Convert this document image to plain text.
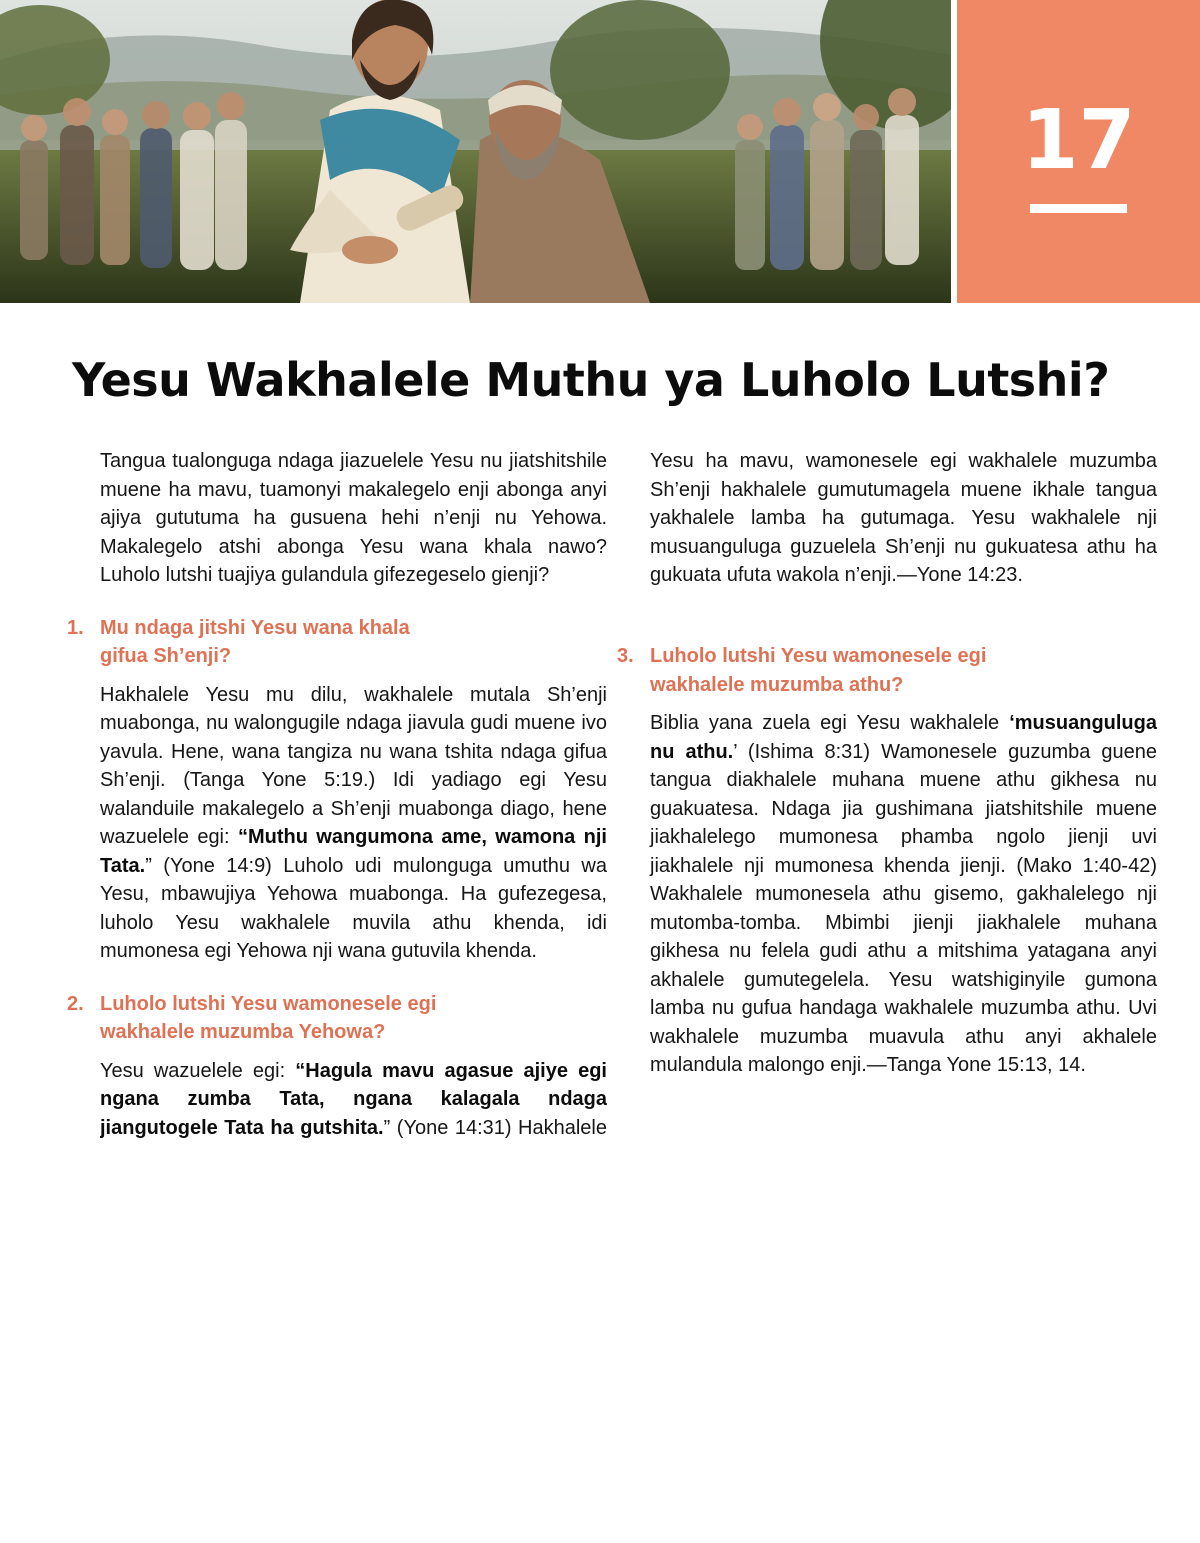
17
Yesu Wakhalele Muthu ya Luholo Lutshi?

Tangua tualonguga ndaga jiazuelele Yesu nu jiatshitshile muene ha mavu, tuamonyi makalegelo enji abonga anyi ajiya gututuma ha gusuena hehi n’enji nu Yehowa. Makalegelo atshi abonga Yesu wana khala nawo? Luholo lutshi tuajiya gulandula gifezegeselo gienji?

1. Mu ndaga jitshi Yesu wana khala gifua Sh’enji?

Hakhalele Yesu mu dilu, wakhalele mutala Sh’enji muabonga, nu walongugile ndaga jiavula gudi muene ivo yavula. Hene, wana tangiza nu wana tshita ndaga gifua Sh’enji. (Tanga Yone 5:19.) Idi yadiago egi Yesu walanduile makalegelo a Sh’enji muabonga diago, hene wazuelele egi: “Muthu wangumona ame, wamona nji Tata.” (Yone 14:9) Luholo udi mulonguga umuthu wa Yesu, mbawujiya Yehowa muabonga. Ha gufezegesa, luholo Yesu wakhalele muvila athu khenda, idi mumonesa egi Yehowa nji wana gutuvila khenda.

2. Luholo lutshi Yesu wamonesele egi wakhalele muzumba Yehowa?

Yesu wazuelele egi: “Hagula mavu agasue ajiye egi ngana zumba Tata, ngana kalagala ndaga jiangutogele Tata ha gutshita.” (Yone 14:31) Hakhalele

Yesu ha mavu, wamonesele egi wakhalele muzumba Sh’enji hakhalele gumutumagela muene ikhale tangua yakhalele lamba ha gutumaga. Yesu wakhalele nji musuanguluga guzuelela Sh’enji nu gukuatesa athu ha gukuata ufuta wakola n’enji.—Yone 14:23.

3. Luholo lutshi Yesu wamonesele egi wakhalele muzumba athu?

Biblia yana zuela egi Yesu wakhalele ‘musuanguluga nu athu.’ (Ishima 8:31) Wamonesele guzumba guene tangua diakhalele muhana muene athu gikhesa nu guakuatesa. Ndaga jia gushimana jiatshitshile muene jiakhalelego mumonesa phamba ngolo jienji uvi jiakhalele nji mumonesa khenda jienji. (Mako 1:40-42) Wakhalele mumonesela athu gisemo, gakhalelego nji mutomba-tomba. Mbimbi jienji jiakhalele muhana gikhesa nu felela gudi athu a mitshima yatagana anyi akhalele gumutegelela. Yesu watshiginyile gumona lamba nu gufua handaga wakhalele muzumba athu. Uvi wakhalele muzumba muavula athu anyi akhalele mulandula malongo enji.—Tanga Yone 15:13, 14.
